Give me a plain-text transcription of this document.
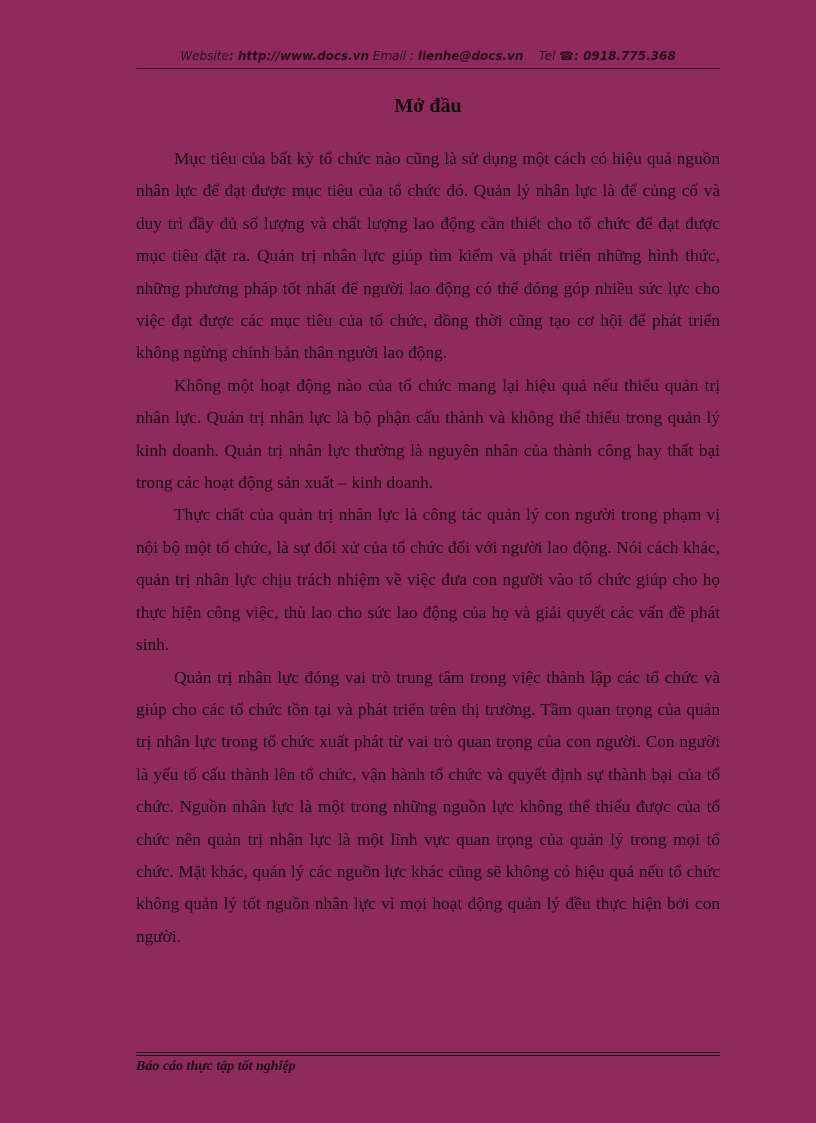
Website: http://www.docs.vn Email : lienhe@docs.vn Tel ☎: 0918.775.368
Mở đầu

Mục tiêu của bất kỳ tổ chức nào cũng là sử dụng một cách có hiệu quả nguồn nhân lực để đạt được mục tiêu của tổ chức đó. Quản lý nhân lực là để củng cố và duy trì đầy đủ số lượng và chất lượng lao động cần thiết cho tổ chức để đạt được mục tiêu đặt ra. Quản trị nhân lực giúp tìm kiếm và phát triển những hình thức, những phương pháp tốt nhất để người lao động có thể đóng góp nhiều sức lực cho việc đạt được các mục tiêu của tổ chức, đồng thời cũng tạo cơ hội để phát triển không ngừng chính bản thân người lao động.

Không một hoạt động nào của tổ chức mang lại hiệu quả nếu thiếu quản trị nhân lực. Quản trị nhân lực là bộ phận cấu thành và không thể thiếu trong quản lý kinh doanh. Quản trị nhân lực thường là nguyên nhân của thành công hay thất bại trong các hoạt động sản xuất – kinh doanh.

Thực chất của quản trị nhân lực là công tác quản lý con người trong phạm vị nội bộ một tổ chức, là sự đối xử của tổ chức đối với người lao động. Nói cách khác, quản trị nhân lực chịu trách nhiệm về việc đưa con người vào tổ chức giúp cho họ thực hiện công việc, thù lao cho sức lao động của họ và giải quyết các vấn đề phát sinh.

Quản trị nhân lực đóng vai trò trung tâm trong việc thành lập các tổ chức và giúp cho các tổ chức tồn tại và phát triển trên thị trường. Tầm quan trọng của quản trị nhân lực trong tổ chức xuất phát từ vai trò quan trọng của con người. Con người là yếu tố cấu thành lên tổ chức, vận hành tổ chức và quyết định sự thành bại của tổ chức. Nguồn nhân lực là một trong những nguồn lực không thể thiếu được của tổ chức nên quản trị nhân lực là một lĩnh vực quan trọng của quản lý trong mọi tổ chức. Mặt khác, quản lý các nguồn lực khác cũng sẽ không có hiệu quả nếu tổ chức không quản lý tốt nguồn nhân lực vì mọi hoạt động quản lý đều thực hiện bởi con người.

Báo cáo thực tập tốt nghiệp
